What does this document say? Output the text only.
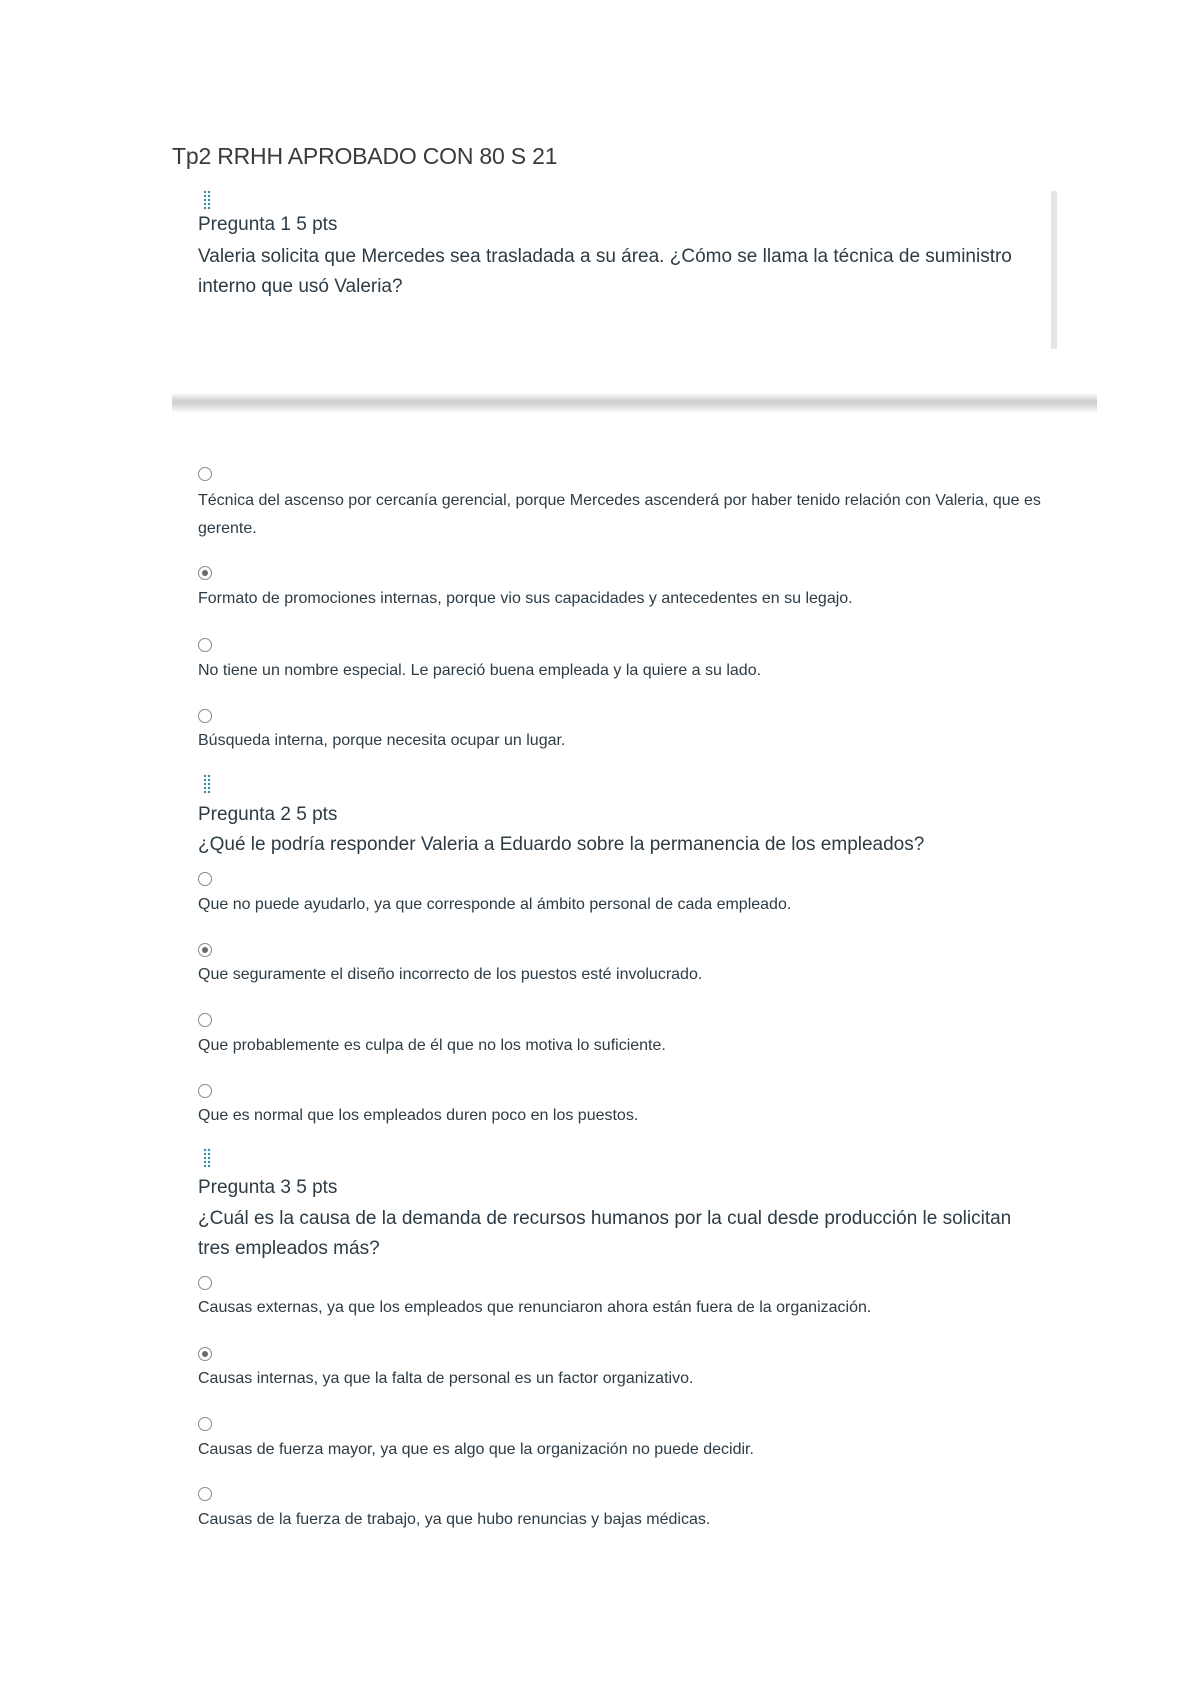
Tp2 RRHH APROBADO CON 80 S 21
Pregunta 1 5 pts
Valeria solicita que Mercedes sea trasladada a su área. ¿Cómo se llama la técnica de suministro interno que usó Valeria?
Técnica del ascenso por cercanía gerencial, porque Mercedes ascenderá por haber tenido relación con Valeria, que es gerente.
Formato de promociones internas, porque vio sus capacidades y antecedentes en su legajo.
No tiene un nombre especial. Le pareció buena empleada y la quiere a su lado.
Búsqueda interna, porque necesita ocupar un lugar.
Pregunta 2 5 pts
¿Qué le podría responder Valeria a Eduardo sobre la permanencia de los empleados?
Que no puede ayudarlo, ya que corresponde al ámbito personal de cada empleado.
Que seguramente el diseño incorrecto de los puestos esté involucrado.
Que probablemente es culpa de él que no los motiva lo suficiente.
Que es normal que los empleados duren poco en los puestos.
Pregunta 3 5 pts
¿Cuál es la causa de la demanda de recursos humanos por la cual desde producción le solicitan tres empleados más?
Causas externas, ya que los empleados que renunciaron ahora están fuera de la organización.
Causas internas, ya que la falta de personal es un factor organizativo.
Causas de fuerza mayor, ya que es algo que la organización no puede decidir.
Causas de la fuerza de trabajo, ya que hubo renuncias y bajas médicas.
